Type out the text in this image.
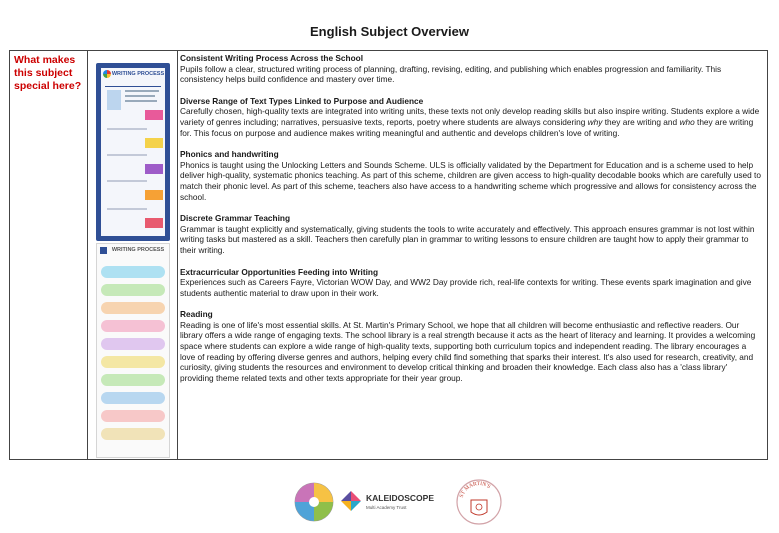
English Subject Overview
What makes this subject special here?
WRITING PROCESS
WRITING PROCESS
Consistent Writing Process Across the School
Pupils follow a clear, structured writing process of planning, drafting, revising, editing, and publishing which enables progression and familiarity. This consistency helps build confidence and mastery over time.
Diverse Range of Text Types Linked to Purpose and Audience
Carefully chosen, high-quality texts are integrated into writing units, these texts not only develop reading skills but also inspire writing. Students explore a wide variety of genres including; narratives, persuasive texts, reports, poetry where students are always considering why they are writing and who they are writing for. This focus on purpose and audience makes writing meaningful and authentic and develops children's love of writing.
Phonics and handwriting
Phonics is taught using the Unlocking Letters and Sounds Scheme. ULS is officially validated by the Department for Education and is a scheme used to help deliver high-quality, systematic phonics teaching. As part of this scheme, children are given access to high-quality decodable books which are carefully used to match their phonic level. As part of this scheme, teachers also have access to a handwriting scheme which progressive and allows for consistency across the school.
Discrete Grammar Teaching
Grammar is taught explicitly and systematically, giving students the tools to write accurately and effectively. This approach ensures grammar is not lost within writing tasks but mastered as a skill. Teachers then carefully plan in grammar to writing lessons to ensure children are taught how to apply their grammar to their writing.
Extracurricular Opportunities Feeding into Writing
Experiences such as Careers Fayre, Victorian WOW Day, and WW2 Day provide rich, real-life contexts for writing. These events spark imagination and give students authentic material to draw upon in their work.
Reading
Reading is one of life's most essential skills. At St. Martin's Primary School, we hope that all children will become enthusiastic and reflective readers. Our library offers a wide range of engaging texts. The school library is a real strength because it acts as the heart of literacy and learning. It provides a welcoming space where students can explore a wide range of high-quality texts, supporting both curriculum topics and independent reading. The library encourages a love of reading by offering diverse genres and authors, helping every child find something that sparks their interest. It's also used for research, creativity, and curiosity, giving students the resources and environment to develop critical thinking and broaden their knowledge. Each class also has a 'class library' providing theme related texts and other texts appropriate for their year group.
KALEIDOSCOPE
Multi Academy Trust
ST MARTIN'S
